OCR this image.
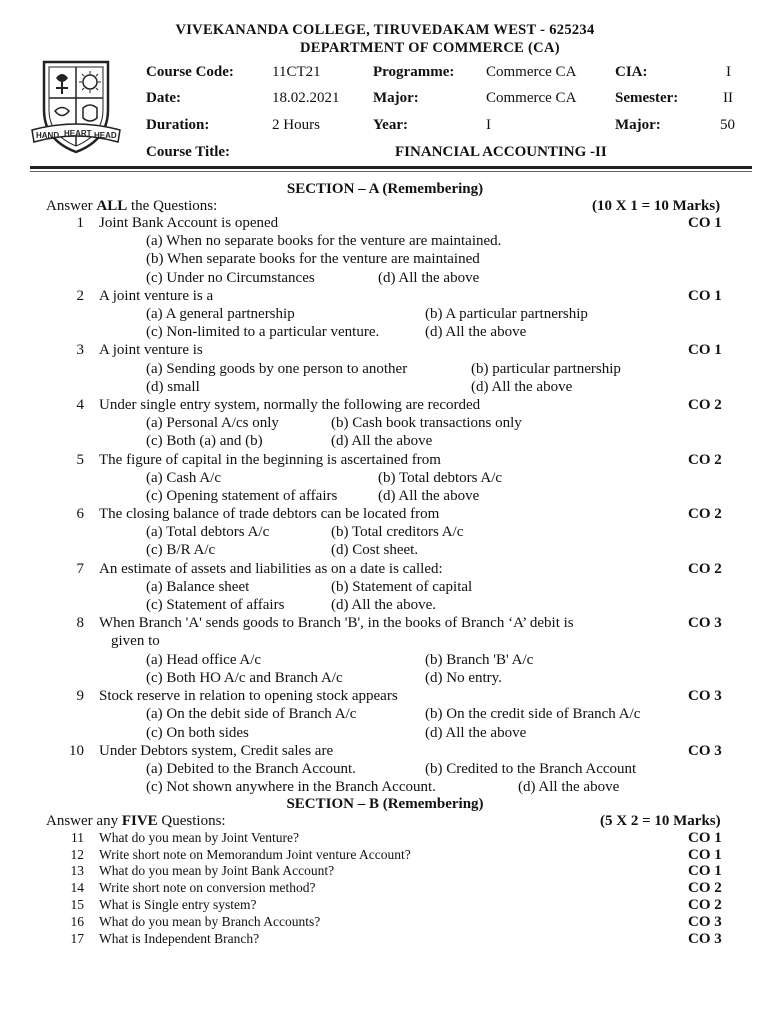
VIVEKANANDA COLLEGE, TIRUVEDAKAM WEST - 625234
DEPARTMENT OF COMMERCE (CA)
HAND HEART HEAD
Course Code:	11CT21	Programme: Commerce CA	CIA:	I
Date:	18.02.2021 Major:	Commerce CA	Semester:	II
Duration:	2 Hours	Year:	I	Major:	50
Course Title:	FINANCIAL ACCOUNTING -II
SECTION – A (Remembering)
Answer ALL the Questions:	(10 X 1 = 10 Marks)
1 Joint Bank Account is opened	CO 1
(a) When no separate books for the venture are maintained.
(b) When separate books for the venture are maintained
(c) Under no Circumstances	(d) All the above
2 A joint venture is a	CO 1
(a) A general partnership	(b) A particular partnership
(c) Non-limited to a particular venture.	(d) All the above
3 A joint venture is	CO 1
(a) Sending goods by one person to another	(b) particular partnership
(d) small	(d) All the above
4 Under single entry system, normally the following are recorded	CO 2
(a) Personal A/cs only	(b) Cash book transactions only
(c) Both (a) and (b)	(d) All the above
5 The figure of capital in the beginning is ascertained from	CO 2
(a) Cash A/c	(b) Total debtors A/c
(c) Opening statement of affairs	(d) All the above
6 The closing balance of trade debtors can be located from	CO 2
(a) Total debtors A/c	(b) Total creditors A/c
(c) B/R A/c	(d) Cost sheet.
7 An estimate of assets and liabilities as on a date is called:	CO 2
(a) Balance sheet	(b) Statement of capital
(c) Statement of affairs	(d) All the above.
8 When Branch 'A' sends goods to Branch 'B', in the books of Branch ‘A’ debit is	CO 3
given to
(a) Head office A/c	(b) Branch 'B' A/c
(c) Both HO A/c and Branch A/c	(d) No entry.
9 Stock reserve in relation to opening stock appears	CO 3
(a) On the debit side of Branch A/c	(b) On the credit side of Branch A/c
(c) On both sides	(d) All the above
10 Under Debtors system, Credit sales are	CO 3
(a) Debited to the Branch Account.	(b) Credited to the Branch Account
(c) Not shown anywhere in the Branch Account.	(d) All the above
SECTION – B (Remembering)
Answer any FIVE Questions:	(5 X 2 = 10 Marks)
11 What do you mean by Joint Venture?	CO 1
12 Write short note on Memorandum Joint venture Account?	CO 1
13 What do you mean by Joint Bank Account?	CO 1
14 Write short note on conversion method?	CO 2
15 What is Single entry system?	CO 2
16 What do you mean by Branch Accounts?	CO 3
17 What is Independent Branch?	CO 3
